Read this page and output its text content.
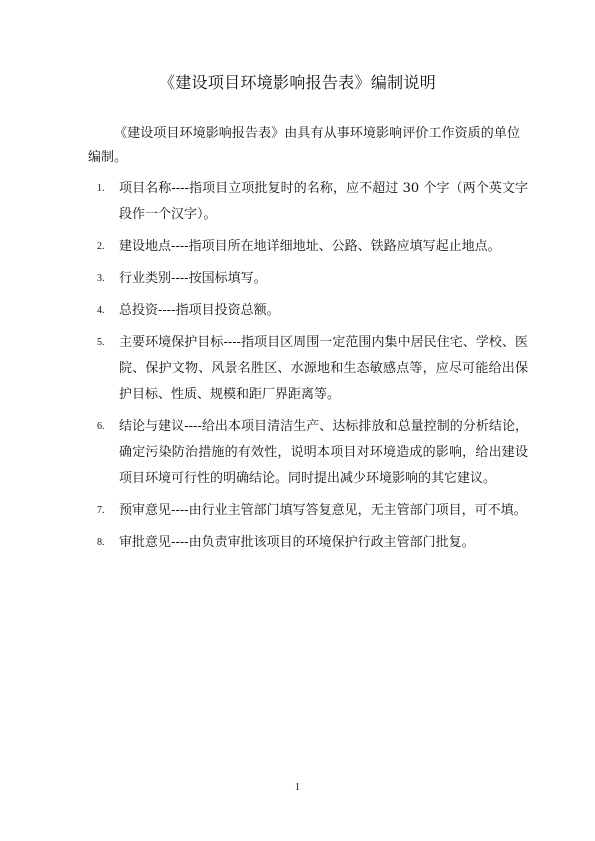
《建设项目环境影响报告表》编制说明
《建设项目环境影响报告表》由具有从事环境影响评价工作资质的单位编制。
1. 项目名称----指项目立项批复时的名称，应不超过 30 个字（两个英文字段作一个汉字）。
2. 建设地点----指项目所在地详细地址、公路、铁路应填写起止地点。
3. 行业类别----按国标填写。
4. 总投资----指项目投资总额。
5. 主要环境保护目标----指项目区周围一定范围内集中居民住宅、学校、医院、保护文物、风景名胜区、水源地和生态敏感点等，应尽可能给出保护目标、性质、规模和距厂界距离等。
6. 结论与建议----给出本项目清洁生产、达标排放和总量控制的分析结论，确定污染防治措施的有效性，说明本项目对环境造成的影响，给出建设项目环境可行性的明确结论。同时提出减少环境影响的其它建议。
7. 预审意见----由行业主管部门填写答复意见，无主管部门项目，可不填。
8. 审批意见----由负责审批该项目的环境保护行政主管部门批复。
1
